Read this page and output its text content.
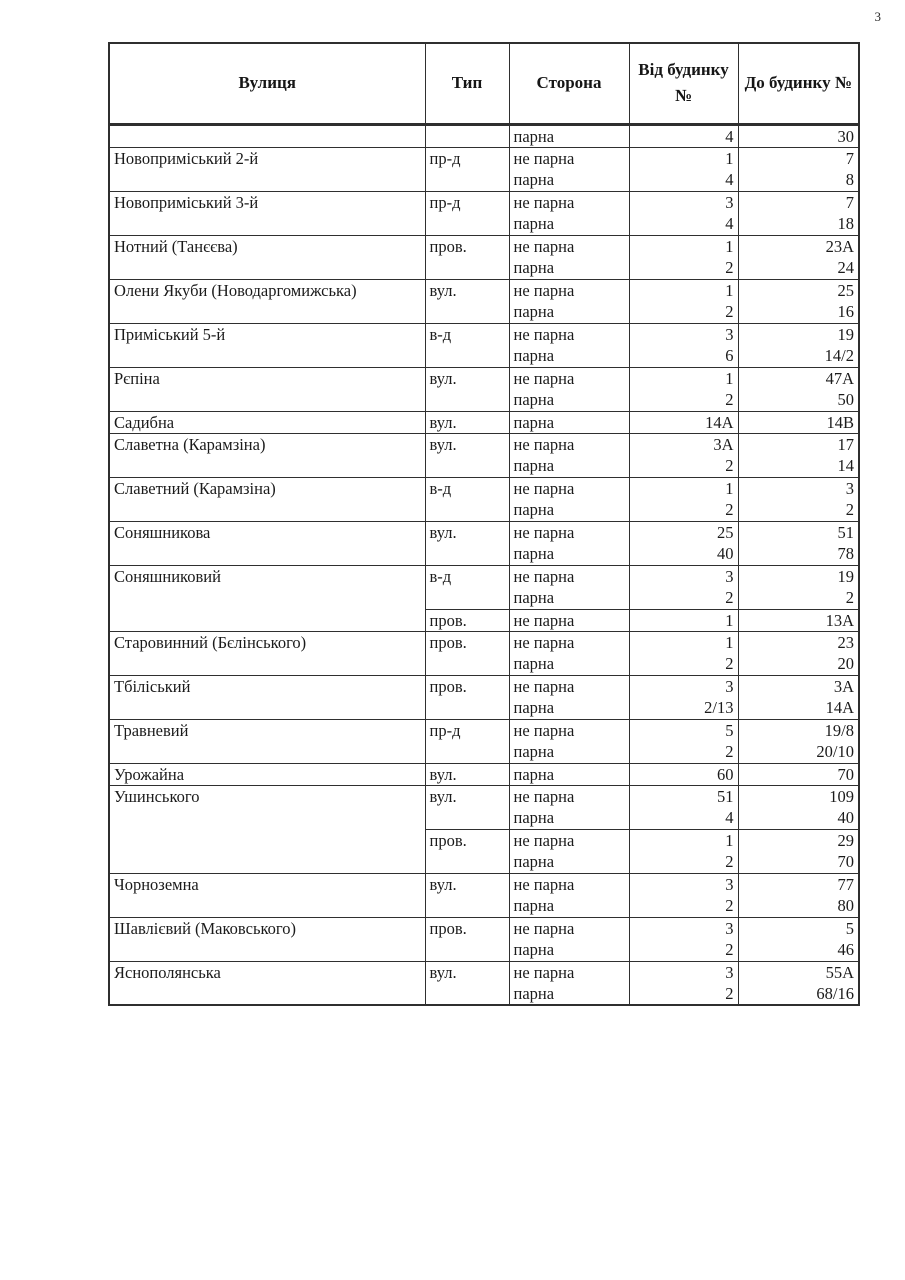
3
Вулиця	Тип	Сторона	Від будинку №	До будинку №
		парна	4	30
Новоприміський 2-й	пр-д	не парна	1	7
		парна	4	8
Новоприміський 3-й	пр-д	не парна	3	7
		парна	4	18
Нотний (Танєєва)	пров.	не парна	1	23А
		парна	2	24
Олени Якуби (Новодаргомижська)	вул.	не парна	1	25
		парна	2	16
Приміський 5-й	в-д	не парна	3	19
		парна	6	14/2
Рєпіна	вул.	не парна	1	47А
		парна	2	50
Садибна	вул.	парна	14А	14В
Славетна (Карамзіна)	вул.	не парна	3А	17
		парна	2	14
Славетний (Карамзіна)	в-д	не парна	1	3
		парна	2	2
Соняшникова	вул.	не парна	25	51
		парна	40	78
Соняшниковий	в-д	не парна	3	19
		парна	2	2
	пров.	не парна	1	13А
Старовинний (Бєлінського)	пров.	не парна	1	23
		парна	2	20
Тбіліський	пров.	не парна	3	3А
		парна	2/13	14А
Травневий	пр-д	не парна	5	19/8
		парна	2	20/10
Урожайна	вул.	парна	60	70
Ушинського	вул.	не парна	51	109
		парна	4	40
	пров.	не парна	1	29
		парна	2	70
Чорноземна	вул.	не парна	3	77
		парна	2	80
Шавлієвий (Маковського)	пров.	не парна	3	5
		парна	2	46
Яснополянська	вул.	не парна	3	55А
		парна	2	68/16
